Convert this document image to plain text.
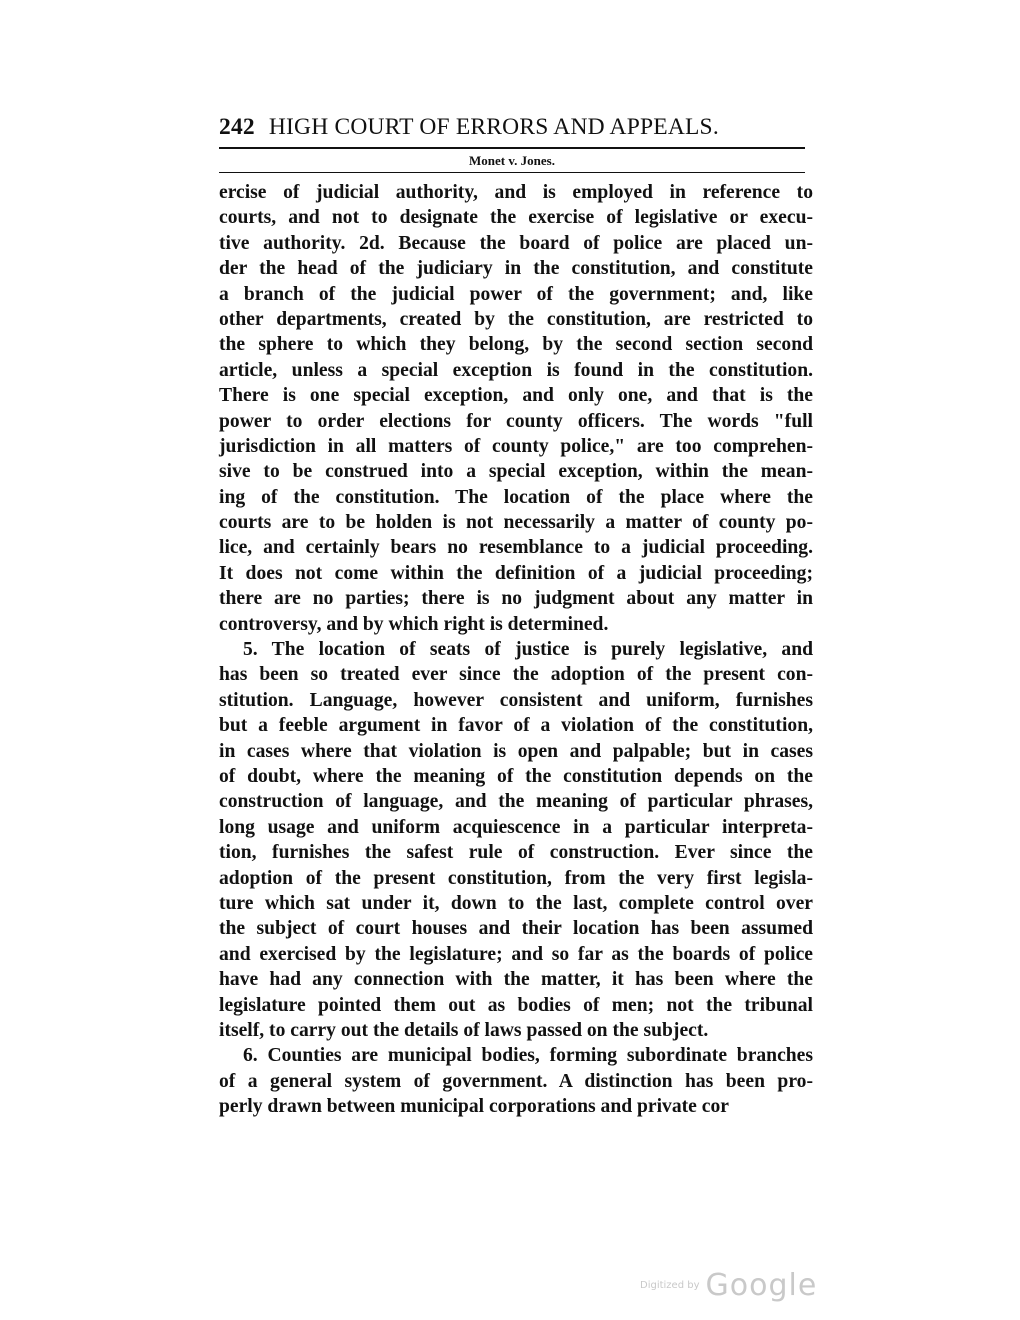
242 HIGH COURT OF ERRORS AND APPEALS.
Monet v. Jones.
ercise of judicial authority, and is employed in reference to
courts, and not to designate the exercise of legislative or execu-
tive authority. 2d. Because the board of police are placed un-
der the head of the judiciary in the constitution, and constitute
a branch of the judicial power of the government; and, like
other departments, created by the constitution, are restricted to
the sphere to which they belong, by the second section second
article, unless a special exception is found in the constitution.
There is one special exception, and only one, and that is the
power to order elections for county officers. The words "full
jurisdiction in all matters of county police," are too comprehen-
sive to be construed into a special exception, within the mean-
ing of the constitution. The location of the place where the
courts are to be holden is not necessarily a matter of county po-
lice, and certainly bears no resemblance to a judicial proceeding.
It does not come within the definition of a judicial proceeding;
there are no parties; there is no judgment about any matter in
controversy, and by which right is determined.
5. The location of seats of justice is purely legislative, and
has been so treated ever since the adoption of the present con-
stitution. Language, however consistent and uniform, furnishes
but a feeble argument in favor of a violation of the constitution,
in cases where that violation is open and palpable; but in cases
of doubt, where the meaning of the constitution depends on the
construction of language, and the meaning of particular phrases,
long usage and uniform acquiescence in a particular interpreta-
tion, furnishes the safest rule of construction. Ever since the
adoption of the present constitution, from the very first legisla-
ture which sat under it, down to the last, complete control over
the subject of court houses and their location has been assumed
and exercised by the legislature; and so far as the boards of police
have had any connection with the matter, it has been where the
legislature pointed them out as bodies of men; not the tribunal
itself, to carry out the details of laws passed on the subject.
6. Counties are municipal bodies, forming subordinate branches
of a general system of government. A distinction has been pro-
perly drawn between municipal corporations and private cor
Digitized by Google
